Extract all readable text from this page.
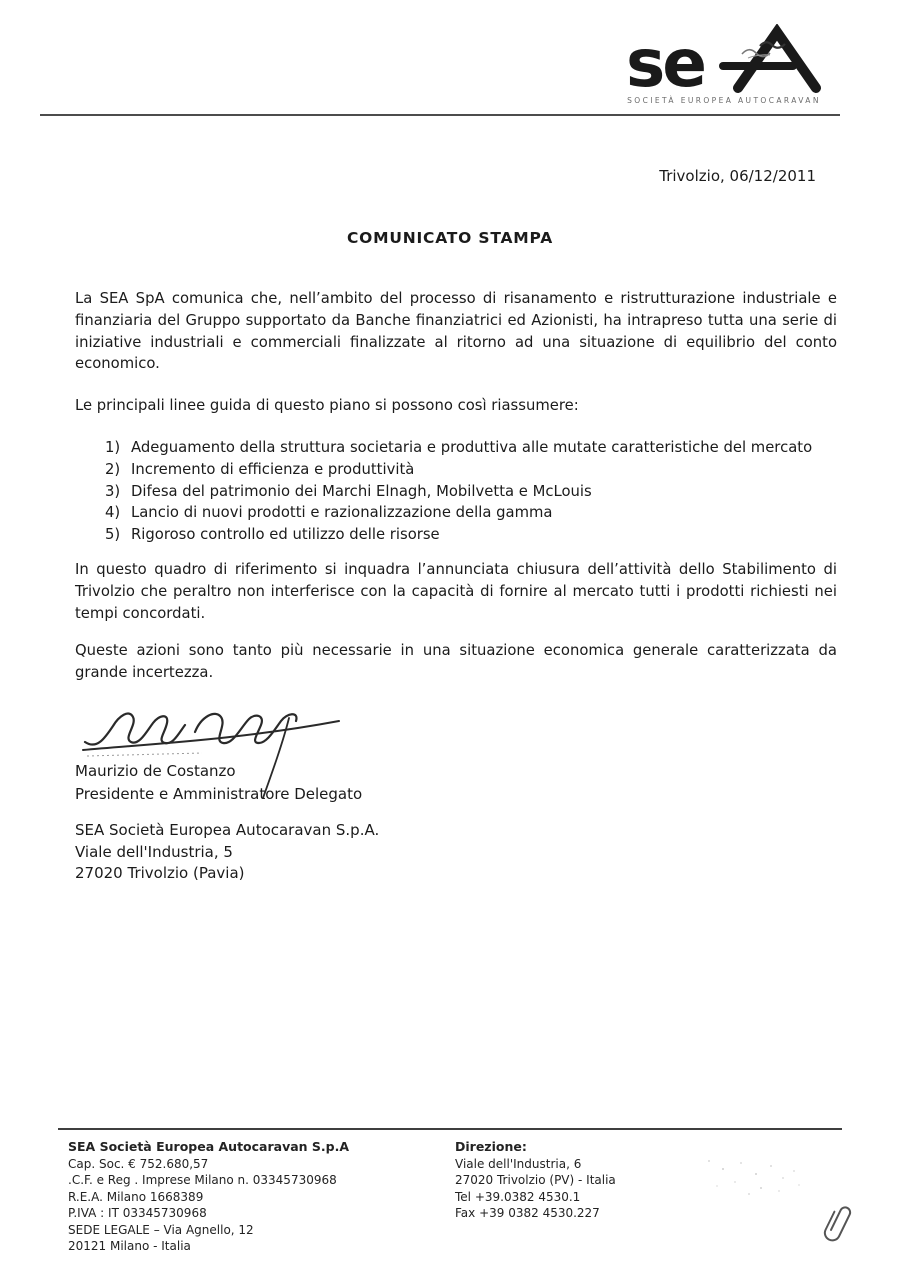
se
SOCIETÀ EUROPEA AUTOCARAVAN
Trivolzio, 06/12/2011
COMUNICATO STAMPA

La SEA SpA comunica che, nell’ambito del processo di risanamento e ristrutturazione industriale e finanziaria del Gruppo supportato da Banche finanziatrici ed Azionisti, ha intrapreso tutta una serie di iniziative industriali e commerciali finalizzate al ritorno ad una situazione di equilibrio del conto economico.

Le principali linee guida di questo piano si possono così riassumere:

1) Adeguamento della struttura societaria e produttiva alle mutate caratteristiche del mercato
2) Incremento di efficienza e produttività
3) Difesa del patrimonio dei Marchi Elnagh, Mobilvetta e McLouis
4) Lancio di nuovi prodotti e razionalizzazione della gamma
5) Rigoroso controllo ed utilizzo delle risorse

In questo quadro di riferimento si inquadra l’annunciata chiusura dell’attività dello Stabilimento di Trivolzio che peraltro non interferisce con la capacità di fornire al mercato tutti i prodotti richiesti nei tempi concordati.

Queste azioni sono tanto più necessarie in una situazione economica generale caratterizzata da grande incertezza.

Maurizio de Costanzo
Presidente e Amministratore Delegato
SEA Società Europea Autocaravan S.p.A.
Viale dell'Industria, 5
27020 Trivolzio (Pavia)
SEA Società Europea Autocaravan S.p.A
Cap. Soc. € 752.680,57
.C.F. e Reg . Imprese Milano n. 03345730968
R.E.A. Milano 1668389
P.IVA : IT 03345730968
SEDE LEGALE – Via Agnello, 12
20121 Milano - Italia
Direzione:
Viale dell'Industria, 6
27020 Trivolzio (PV) - Italia
Tel +39.0382 4530.1
Fax +39 0382 4530.227
